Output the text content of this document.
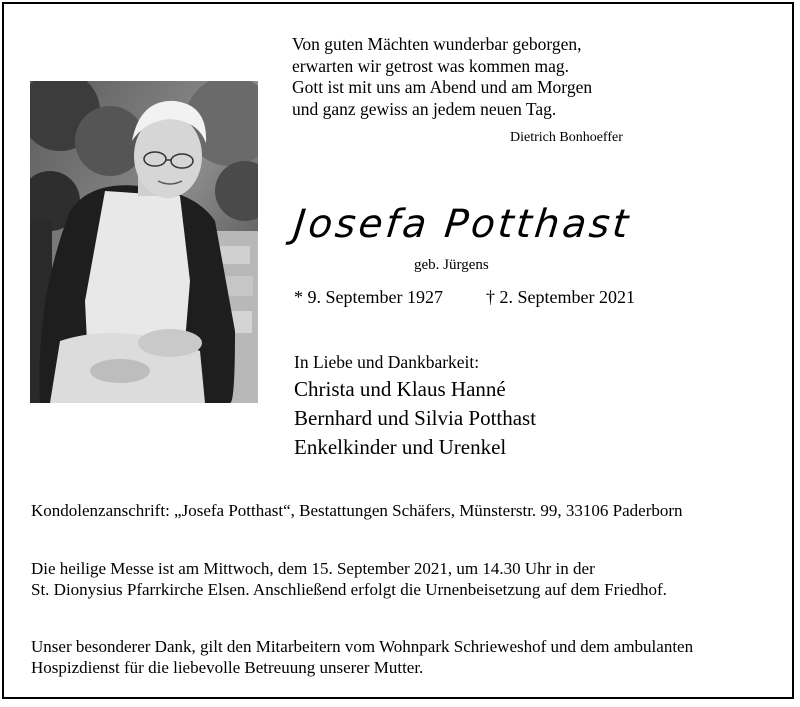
Von guten Mächten wunderbar geborgen,
erwarten wir getrost was kommen mag.
Gott ist mit uns am Abend und am Morgen
und ganz gewiss an jedem neuen Tag.
Dietrich Bonhoeffer
Josefa Potthast
geb. Jürgens
* 9. September 1927 † 2. September 2021
In Liebe und Dankbarkeit:
Christa und Klaus Hanné
Bernhard und Silvia Potthast
Enkelkinder und Urenkel
Kondolenzanschrift: „Josefa Potthast“, Bestattungen Schäfers, Münsterstr. 99, 33106 Paderborn
Die heilige Messe ist am Mittwoch, dem 15. September 2021, um 14.30 Uhr in der
St. Dionysius Pfarrkirche Elsen. Anschließend erfolgt die Urnenbeisetzung auf dem Friedhof.
Unser besonderer Dank, gilt den Mitarbeitern vom Wohnpark Schrieweshof und dem ambulanten
Hospizdienst für die liebevolle Betreuung unserer Mutter.
